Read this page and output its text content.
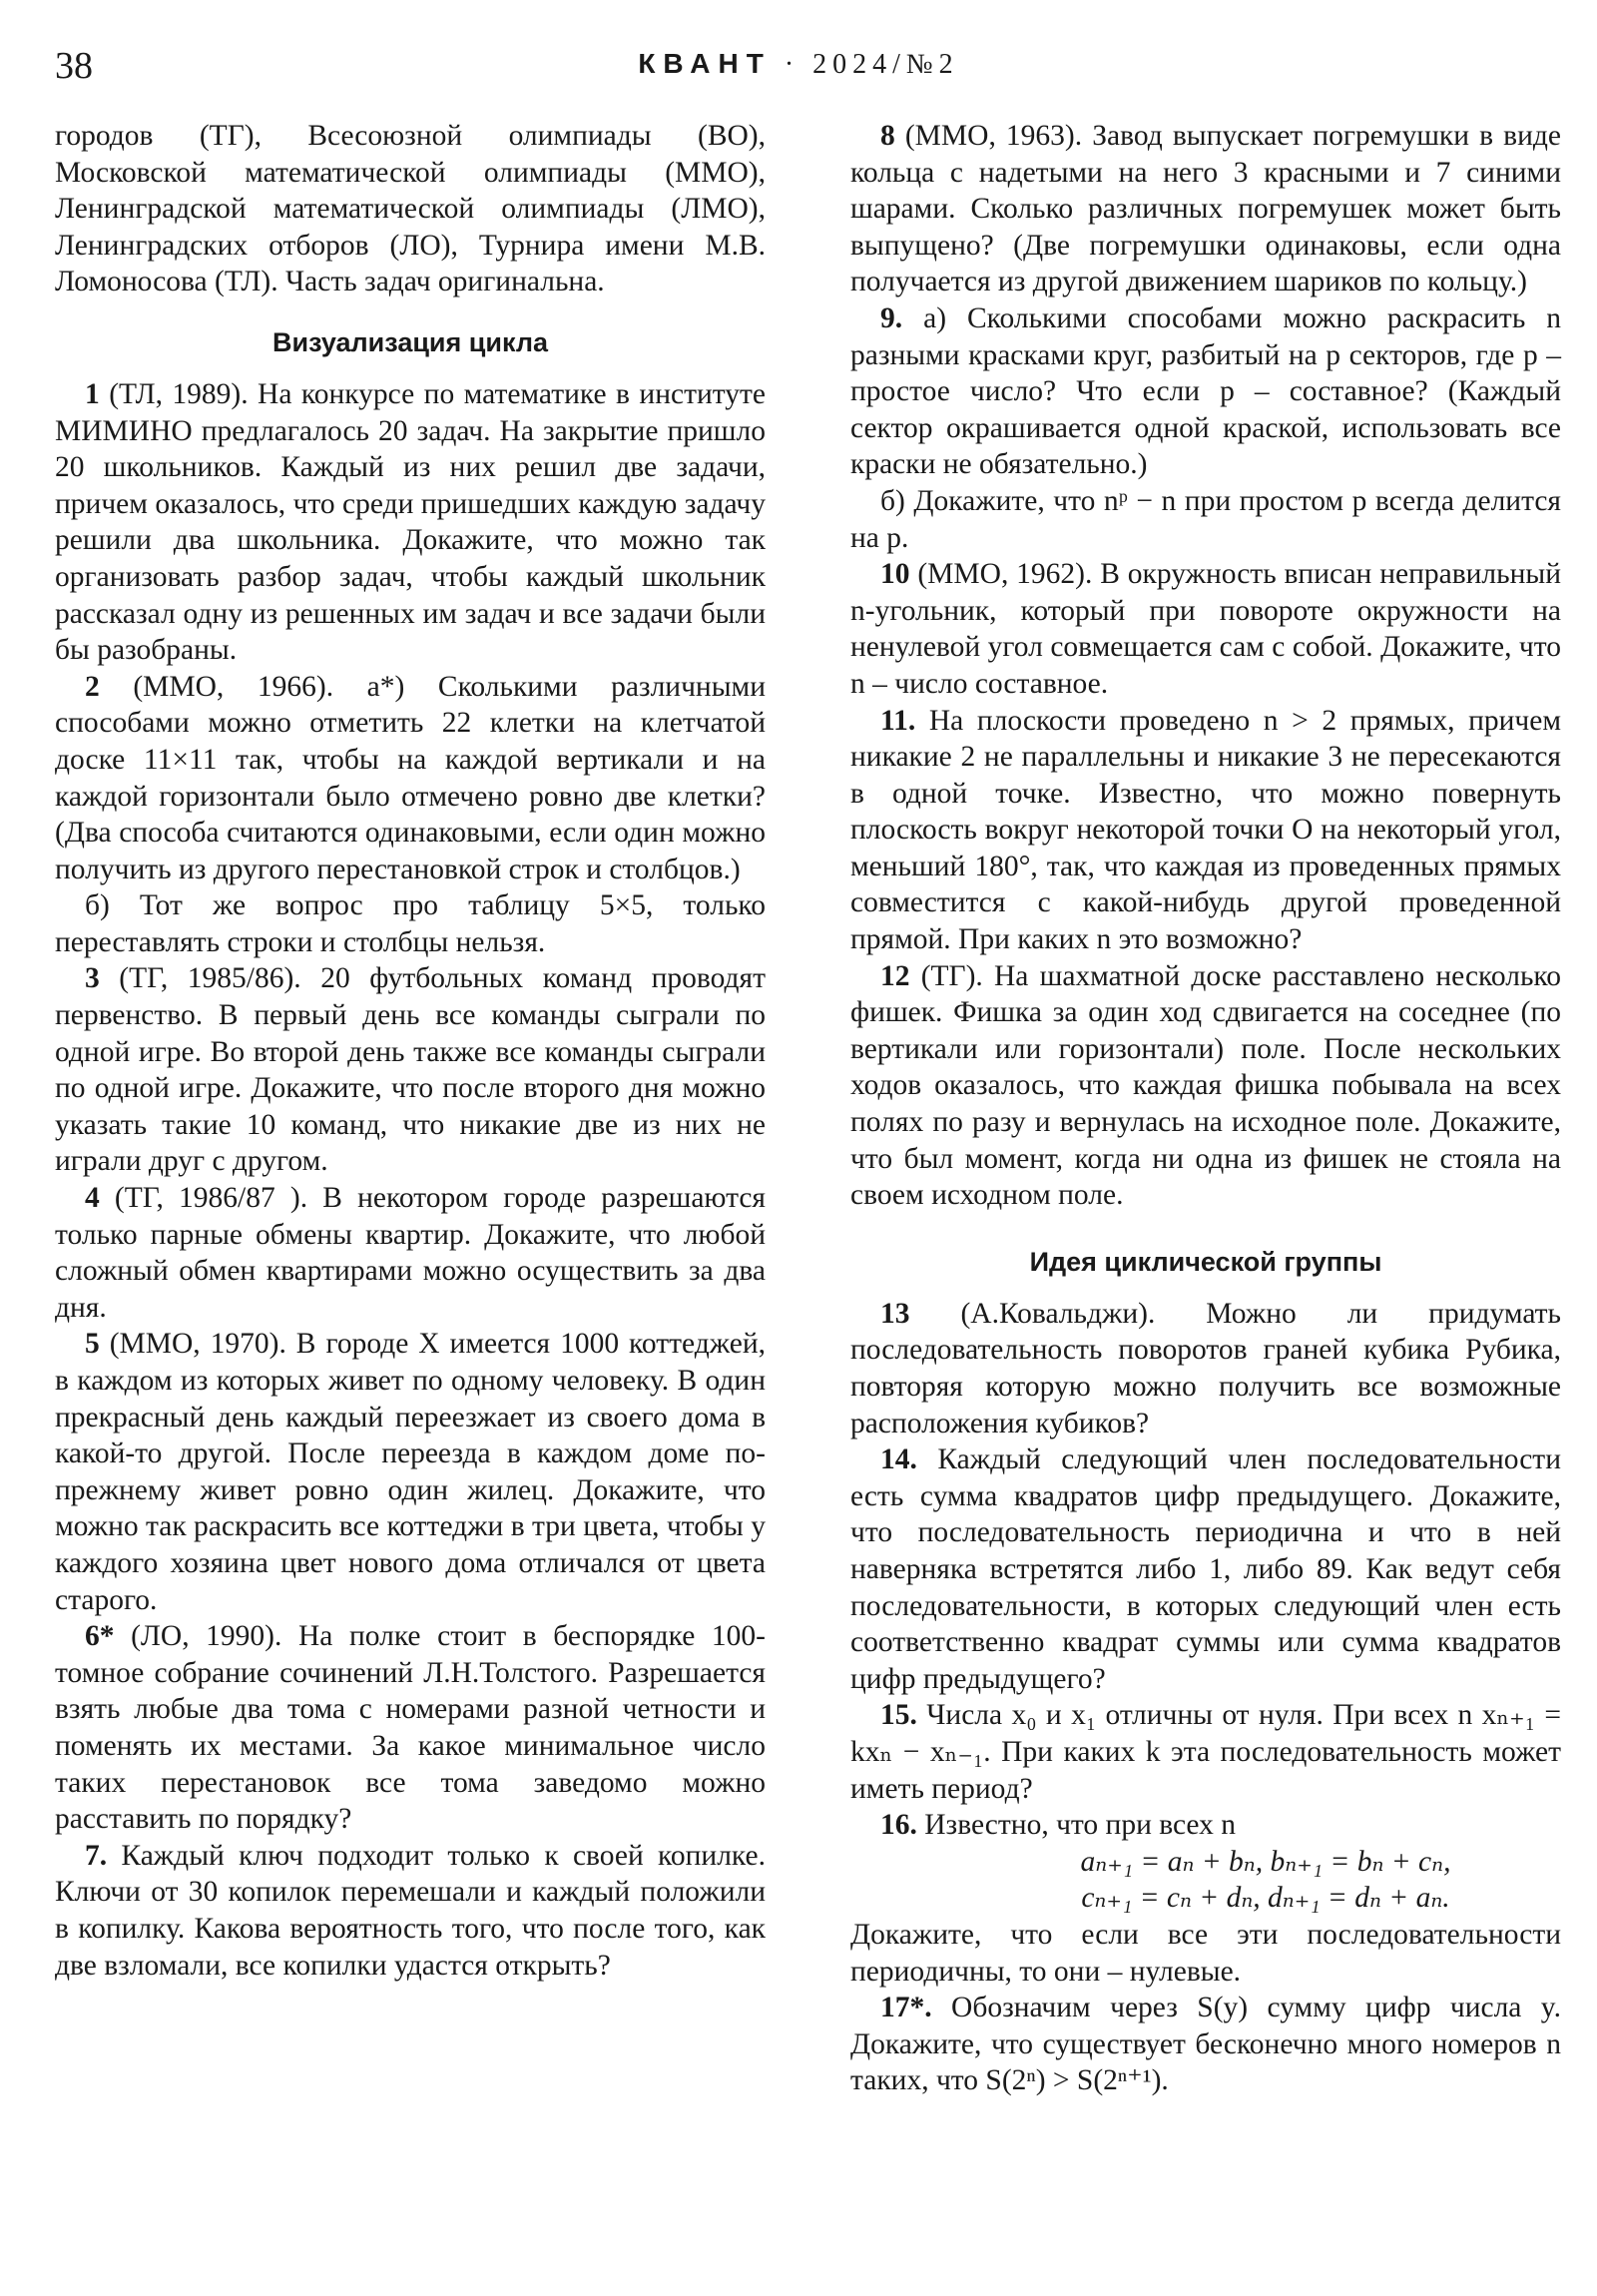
38	КВАНТ · 2024/№2

городов (ТГ), Всесоюзной олимпиады (ВО), Московской математической олимпиады (ММО), Ленинградской математической олимпиады (ЛМО), Ленинградских отборов (ЛО), Турнира имени М.В. Ломоносова (ТЛ). Часть задач оригинальна.

Визуализация цикла

1 (ТЛ, 1989). На конкурсе по математике в институте МИМИНО предлагалось 20 задач. На закрытие пришло 20 школьников. Каждый из них решил две задачи, причем оказалось, что среди пришедших каждую задачу решили два школьника. Докажите, что можно так организовать разбор задач, чтобы каждый школьник рассказал одну из решенных им задач и все задачи были бы разобраны.

2 (ММО, 1966). а*) Сколькими различными способами можно отметить 22 клетки на клетчатой доске 11×11 так, чтобы на каждой вертикали и на каждой горизонтали было отмечено ровно две клетки? (Два способа считаются одинаковыми, если один можно получить из другого перестановкой строк и столбцов.)

б) Тот же вопрос про таблицу 5×5, только переставлять строки и столбцы нельзя.

3 (ТГ, 1985/86). 20 футбольных команд проводят первенство. В первый день все команды сыграли по одной игре. Во второй день также все команды сыграли по одной игре. Докажите, что после второго дня можно указать такие 10 команд, что никакие две из них не играли друг с другом.

4 (ТГ, 1986/87 ). В некотором городе разрешаются только парные обмены квартир. Докажите, что любой сложный обмен квартирами можно осуществить за два дня.

5 (ММО, 1970). В городе X имеется 1000 коттеджей, в каждом из которых живет по одному человеку. В один прекрасный день каждый переезжает из своего дома в какой-то другой. После переезда в каждом доме по-прежнему живет ровно один жилец. Докажите, что можно так раскрасить все коттеджи в три цвета, чтобы у каждого хозяина цвет нового дома отличался от цвета старого.

6* (ЛО, 1990). На полке стоит в беспорядке 100-томное собрание сочинений Л.Н.Толстого. Разрешается взять любые два тома с номерами разной четности и поменять их местами. За какое минимальное число таких перестановок все тома заведомо можно расставить по порядку?

7. Каждый ключ подходит только к своей копилке. Ключи от 30 копилок перемешали и каждый положили в копилку. Какова вероятность того, что после того, как две взломали, все копилки удастся открыть?

8 (ММО, 1963). Завод выпускает погремушки в виде кольца с надетыми на него 3 красными и 7 синими шарами. Сколько различных погремушек может быть выпущено? (Две погремушки одинаковы, если одна получается из другой движением шариков по кольцу.)

9. а) Сколькими способами можно раскрасить n разными красками круг, разбитый на p секторов, где p – простое число? Что если p – составное? (Каждый сектор окрашивается одной краской, использовать все краски не обязательно.)

б) Докажите, что nᵖ − n при простом p всегда делится на p.

10 (ММО, 1962). В окружность вписан неправильный n-угольник, который при повороте окружности на ненулевой угол совмещается сам с собой. Докажите, что n – число составное.

11. На плоскости проведено n > 2 прямых, причем никакие 2 не параллельны и никакие 3 не пересекаются в одной точке. Известно, что можно повернуть плоскость вокруг некоторой точки O на некоторый угол, меньший 180°, так, что каждая из проведенных прямых совместится с какой-нибудь другой проведенной прямой. При каких n это возможно?

12 (ТГ). На шахматной доске расставлено несколько фишек. Фишка за один ход сдвигается на соседнее (по вертикали или горизонтали) поле. После нескольких ходов оказалось, что каждая фишка побывала на всех полях по разу и вернулась на исходное поле. Докажите, что был момент, когда ни одна из фишек не стояла на своем исходном поле.

Идея циклической группы

13 (А.Ковальджи). Можно ли придумать последовательность поворотов граней кубика Рубика, повторяя которую можно получить все возможные расположения кубиков?

14. Каждый следующий член последовательности есть сумма квадратов цифр предыдущего. Докажите, что последовательность периодична и что в ней наверняка встретятся либо 1, либо 89. Как ведут себя последовательности, в которых следующий член есть соответственно квадрат суммы или сумма квадратов цифр предыдущего?

15. Числа x₀ и x₁ отличны от нуля. При всех n xₙ₊₁ = kxₙ − xₙ₋₁. При каких k эта последовательность может иметь период?

16. Известно, что при всех n

aₙ₊₁ = aₙ + bₙ, bₙ₊₁ = bₙ + cₙ,
cₙ₊₁ = cₙ + dₙ, dₙ₊₁ = dₙ + aₙ.

Докажите, что если все эти последовательности периодичны, то они – нулевые.

17*. Обозначим через S(y) сумму цифр числа y. Докажите, что существует бесконечно много номеров n таких, что S(2ⁿ) > S(2ⁿ⁺¹).
